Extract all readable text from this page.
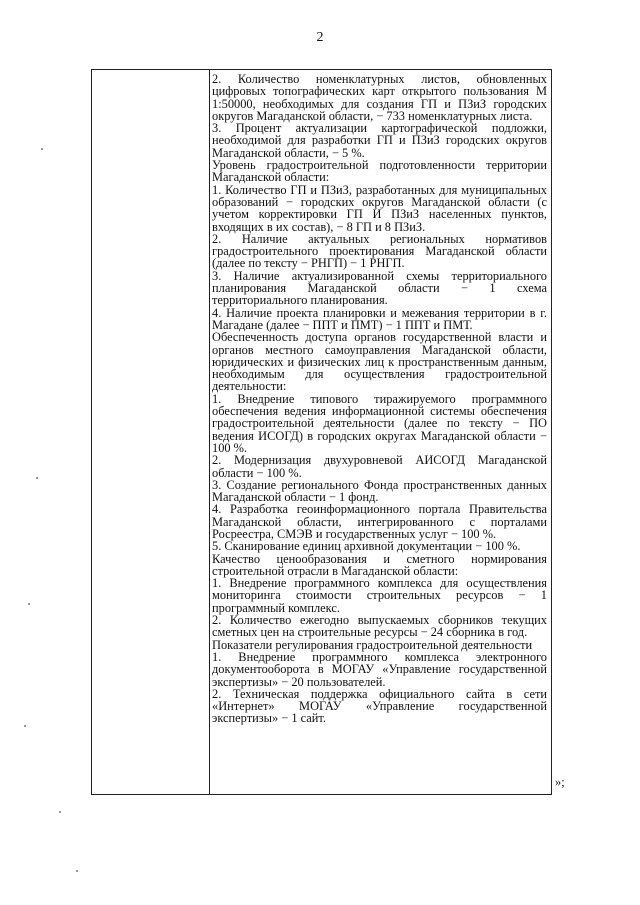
2

2. Количество номенклатурных листов, обновленных цифровых топографических карт открытого пользования М 1:50000, необходимых для создания ГП и ПЗиЗ городских округов Магаданской области, − 733 номенклатурных листа.

3. Процент актуализации картографической подложки, необходимой для разработки ГП и ПЗиЗ городских округов Магаданской области, − 5 %.

Уровень градостроительной подготовленности территории Магаданской области:

1. Количество ГП и ПЗиЗ, разработанных для муниципальных образований − городских округов Магаданской области (с учетом корректировки ГП И ПЗиЗ населенных пунктов, входящих в их состав), − 8 ГП и 8 ПЗиЗ.

2. Наличие актуальных региональных нормативов градостроительного проектирования Магаданской области (далее по тексту − РНГП) − 1 РНГП.

3. Наличие актуализированной схемы территориального планирования Магаданской области − 1 схема территориального планирования.

4. Наличие проекта планировки и межевания территории в г. Магадане (далее − ППТ и ПМТ) − 1 ППТ и ПМТ.

Обеспеченность доступа органов государственной власти и органов местного самоуправления Магаданской области, юридических и физических лиц к пространственным данным, необходимым для осуществления градостроительной деятельности:

1. Внедрение типового тиражируемого программного обеспечения ведения информационной системы обеспечения градостроительной деятельности (далее по тексту − ПО ведения ИСОГД) в городских округах Магаданской области − 100 %.

2. Модернизация двухуровневой АИСОГД Магаданской области − 100 %.

3. Создание регионального Фонда пространственных данных Магаданской области − 1 фонд.

4. Разработка геоинформационного портала Правительства Магаданской области, интегрированного с порталами Росреестра, СМЭВ и государственных услуг − 100 %.

5. Сканирование единиц архивной документации − 100 %.

Качество ценообразования и сметного нормирования строительной отрасли в Магаданской области:

1. Внедрение программного комплекса для осуществления мониторинга стоимости строительных ресурсов − 1 программный комплекс.

2. Количество ежегодно выпускаемых сборников текущих сметных цен на строительные ресурсы − 24 сборника в год.

Показатели регулирования градостроительной деятельности

1. Внедрение программного комплекса электронного документооборота в МОГАУ «Управление государственной экспертизы» − 20 пользователей.

2. Техническая поддержка официального сайта в сети «Интернет» МОГАУ «Управление государственной экспертизы» − 1 сайт.

»;
